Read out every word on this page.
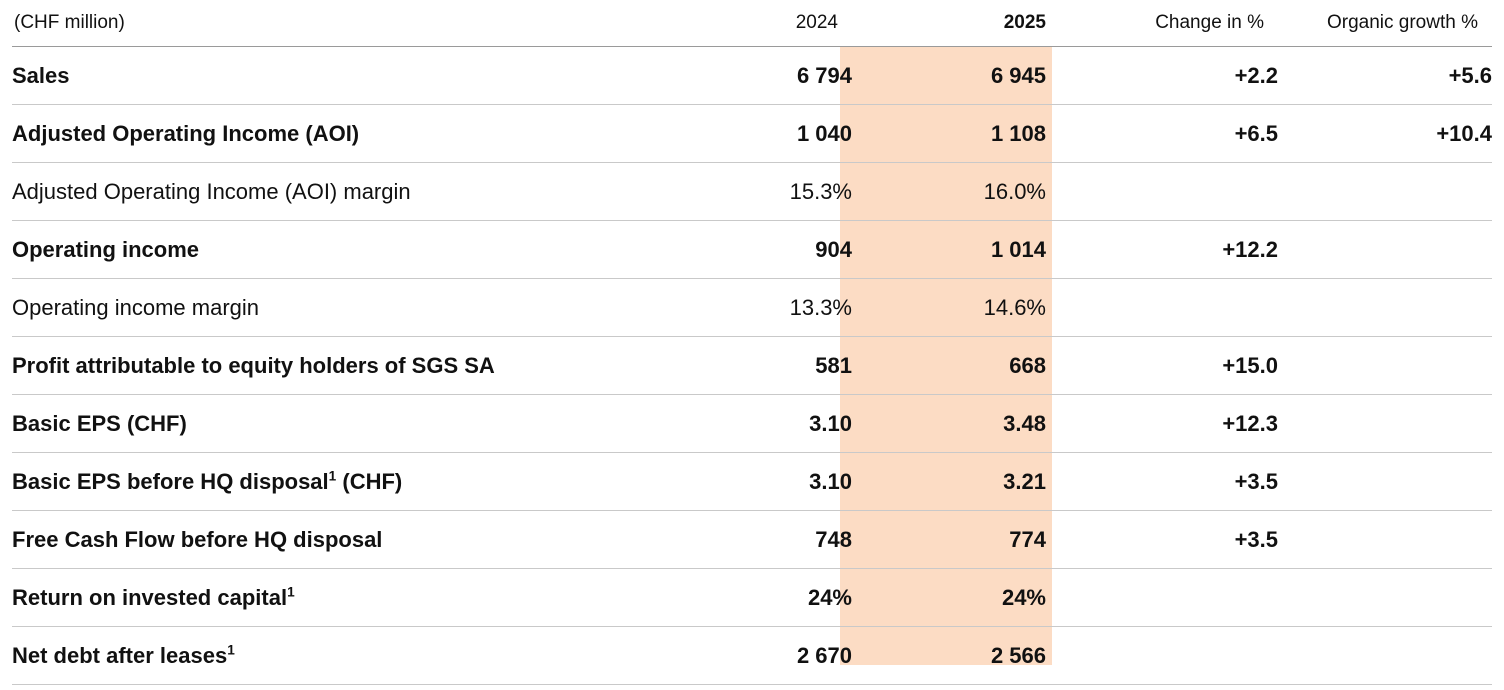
(CHF million)	2024	2025	Change in %	Organic growth %
Sales	6 794	6 945	+2.2	+5.6
Adjusted Operating Income (AOI)	1 040	1 108	+6.5	+10.4
Adjusted Operating Income (AOI) margin	15.3%	16.0%		
Operating income	904	1 014	+12.2	
Operating income margin	13.3%	14.6%		
Profit attributable to equity holders of SGS SA	581	668	+15.0	
Basic EPS (CHF)	3.10	3.48	+12.3	
Basic EPS before HQ disposal$^1$ (CHF)	3.10	3.21	+3.5	
Free Cash Flow before HQ disposal	748	774	+3.5	
Return on invested capital$^1$	24%	24%		
Net debt after leases$^1$	2 670	2 566		
